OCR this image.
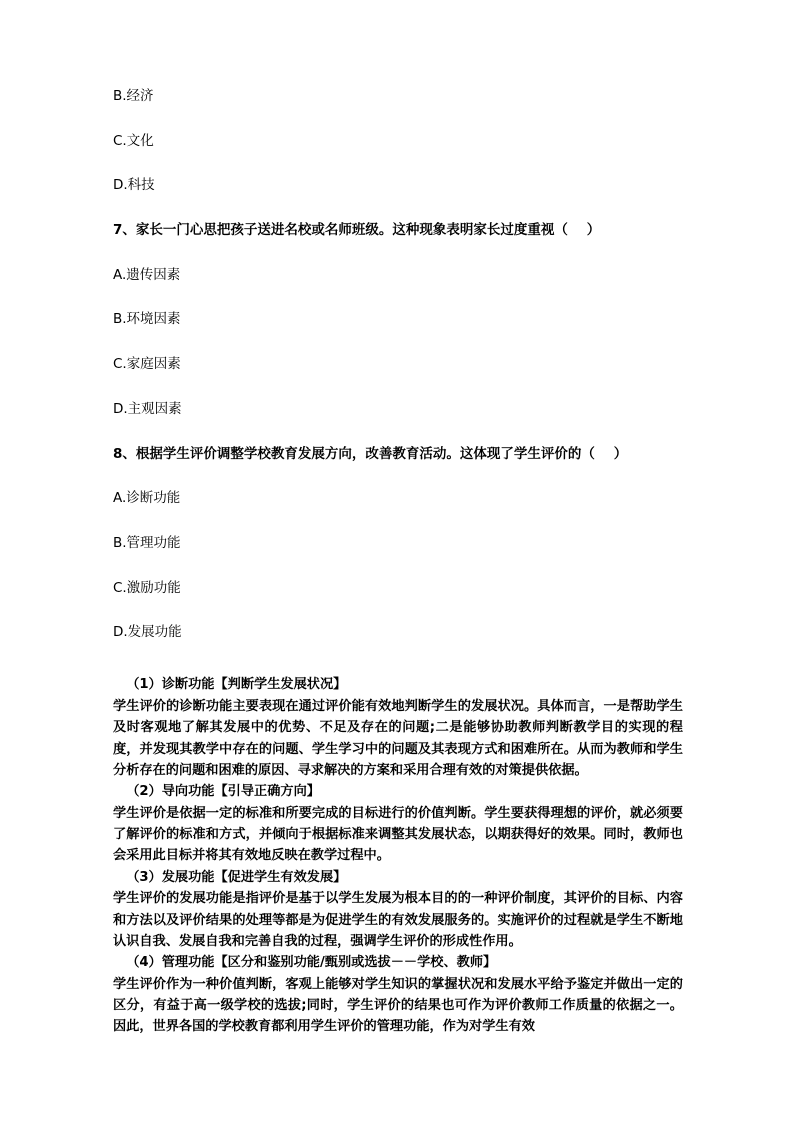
B.经济

C.文化

D.科技

7、家长一门心思把孩子送进名校或名师班级。这种现象表明家长过度重视（    ）

A.遗传因素

B.环境因素

C.家庭因素

D.主观因素

8、根据学生评价调整学校教育发展方向，改善教育活动。这体现了学生评价的（    ）

A.诊断功能

B.管理功能

C.激励功能

D.发展功能

（1）诊断功能【判断学生发展状况】

学生评价的诊断功能主要表现在通过评价能有效地判断学生的发展状况。具体而言，一是帮助学生及时客观地了解其发展中的优势、不足及存在的问题;二是能够协助教师判断教学目的实现的程度，并发现其教学中存在的问题、学生学习中的问题及其表现方式和困难所在。从而为教师和学生分析存在的问题和困难的原因、寻求解决的方案和采用合理有效的对策提供依据。

（2）导向功能【引导正确方向】

学生评价是依据一定的标准和所要完成的目标进行的价值判断。学生要获得理想的评价，就必须要了解评价的标准和方式，并倾向于根据标准来调整其发展状态，以期获得好的效果。同时，教师也会采用此目标并将其有效地反映在教学过程中。

（3）发展功能【促进学生有效发展】

学生评价的发展功能是指评价是基于以学生发展为根本目的的一种评价制度，其评价的目标、内容和方法以及评价结果的处理等都是为促进学生的有效发展服务的。实施评价的过程就是学生不断地认识自我、发展自我和完善自我的过程，强调学生评价的形成性作用。

（4）管理功能【区分和鉴别功能/甄别或选拔－－学校、教师】

学生评价作为一种价值判断，客观上能够对学生知识的掌握状况和发展水平给予鉴定并做出一定的区分，有益于高一级学校的选拔;同时，学生评价的结果也可作为评价教师工作质量的依据之一。因此，世界各国的学校教育都利用学生评价的管理功能，作为对学生有效
